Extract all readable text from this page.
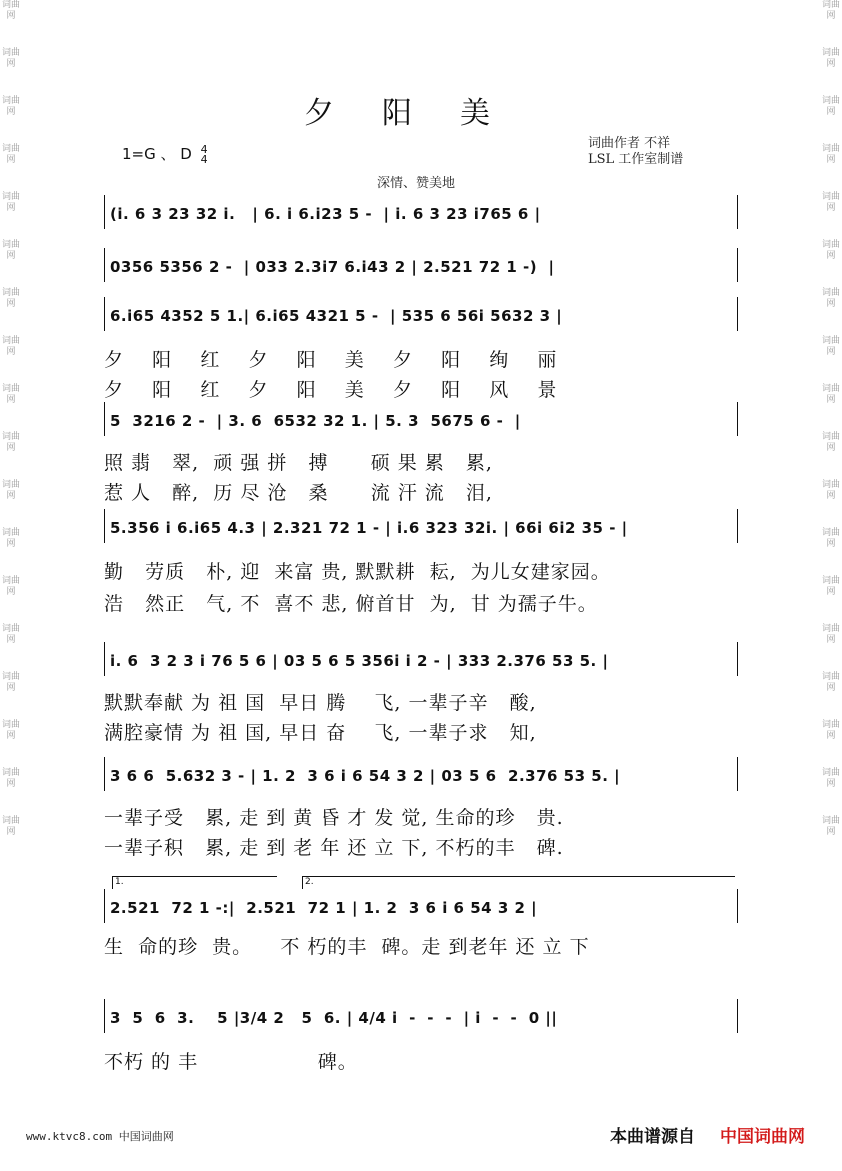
词曲网
词曲网
词曲网
词曲网
词曲网
词曲网
词曲网
词曲网
词曲网
词曲网
词曲网
词曲网
词曲网
词曲网
词曲网
词曲网
词曲网
词曲网
词曲网
词曲网
词曲网
词曲网
词曲网
词曲网
词曲网
词曲网
词曲网
词曲网
词曲网
词曲网
词曲网
词曲网
词曲网
词曲网
词曲网
词曲网
夕阳美
1=G 、 D 4
4
词曲作者 不祥
LSL 工作室制谱
深情、赞美地
(i. 6 3 23 32 i.   | 6. i 6.i23 5 -  | i. 6 3 23 i765 6 |
0356 5356 2 -  | 033 2.3i7 6.i43 2 | 2.521 72 1 -)  |
6.i65 4352 5 1.| 6.i65 4321 5 -  | 535 6 56i 5632 3 |
夕    阳    红    夕    阳    美    夕    阳    绚    丽
夕    阳    红    夕    阳    美    夕    阳    风    景
5  3216 2 -  | 3. 6  6532 32 1. | 5. 3  5675 6 -  |
照 翡   翠,  顽 强 拼   搏      硕 果 累   累,
惹 人   醉,  历 尽 沧   桑      流 汗 流   泪,
5.356 i 6.i65 4.3 | 2.321 72 1 - | i.6 323 32i. | 66i 6i2 35 - |
勤   劳质   朴, 迎  来富 贵, 默默耕  耘,  为儿女建家园。
浩   然正   气, 不  喜不 悲, 俯首甘  为,  甘 为孺子牛。
i. 6  3 2 3 i 76 5 6 | 03 5 6 5 356i i 2 - | 333 2.376 53 5. |
默默奉献 为 祖 国  早日 腾    飞, 一辈子辛   酸,
满腔豪情 为 祖 国, 早日 奋    飞, 一辈子求   知,
3 6 6  5.632 3 - | 1. 2  3 6 i 6 54 3 2 | 03 5 6  2.376 53 5. |
一辈子受   累, 走 到 黄 昏 才 发 觉, 生命的珍   贵.
一辈子积   累, 走 到 老 年 还 立 下, 不朽的丰   碑.
2.521  72 1 -:|  2.521  72 1 | 1. 2  3 6 i 6 54 3 2 |
生  命的珍  贵。    不 朽的丰  碑。走 到老年 还 立 下
3  5  6  3.    5 |3/4 2   5  6. | 4/4 i  -  -  -  | i  -  -  0 ||
不朽 的 丰                 碑。
1.	2.
www.ktvc8.com 中国词曲网	本曲谱源自 中国词曲网
